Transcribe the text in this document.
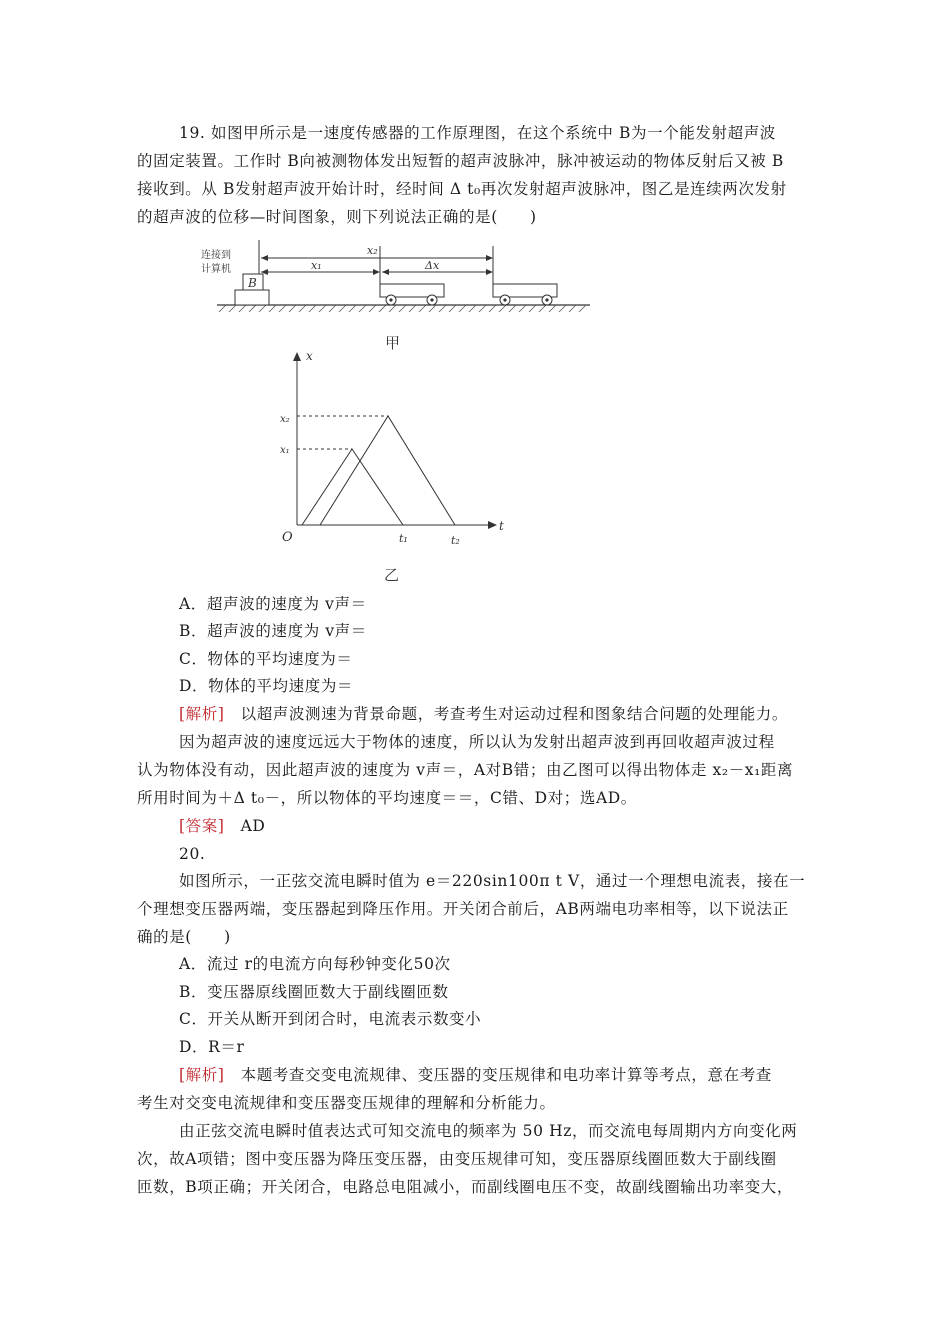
19. 如图甲所示是一速度传感器的工作原理图，在这个系统中 B为一个能发射超声波
的固定装置。工作时 B向被测物体发出短暂的超声波脉冲，脉冲被运动的物体反射后又被 B
接收到。从 B发射超声波开始计时，经时间 Δ t₀再次发射超声波脉冲，图乙是连续两次发射
的超声波的位移—时间图象，则下列说法正确的是(　　)
连接到
计算机
B
x₂
x₁	Δx
甲
t
x
O
x₂
x₁
t₁	t₂
乙
A．超声波的速度为 v声＝
B．超声波的速度为 v声＝
C．物体的平均速度为＝
D．物体的平均速度为＝
[解析]　以超声波测速为背景命题，考查考生对运动过程和图象结合问题的处理能力。
因为超声波的速度远远大于物体的速度，所以认为发射出超声波到再回收超声波过程
认为物体没有动，因此超声波的速度为 v声＝，A对B错；由乙图可以得出物体走 x₂－x₁距离
所用时间为＋Δ t₀－，所以物体的平均速度＝＝，C错、D对；选AD。
[答案]　AD
20.
如图所示，一正弦交流电瞬时值为 e＝220sin100π t V，通过一个理想电流表，接在一
个理想变压器两端，变压器起到降压作用。开关闭合前后，AB两端电功率相等，以下说法正
确的是(　　)
A．流过 r的电流方向每秒钟变化50次
B．变压器原线圈匝数大于副线圈匝数
C．开关从断开到闭合时，电流表示数变小
D．R＝r
[解析]　本题考查交变电流规律、变压器的变压规律和电功率计算等考点，意在考查
考生对交变电流规律和变压器变压规律的理解和分析能力。
由正弦交流电瞬时值表达式可知交流电的频率为 50 Hz，而交流电每周期内方向变化两
次，故A项错；图中变压器为降压变压器，由变压规律可知，变压器原线圈匝数大于副线圈
匝数，B项正确；开关闭合，电路总电阻减小，而副线圈电压不变，故副线圈输出功率变大，
